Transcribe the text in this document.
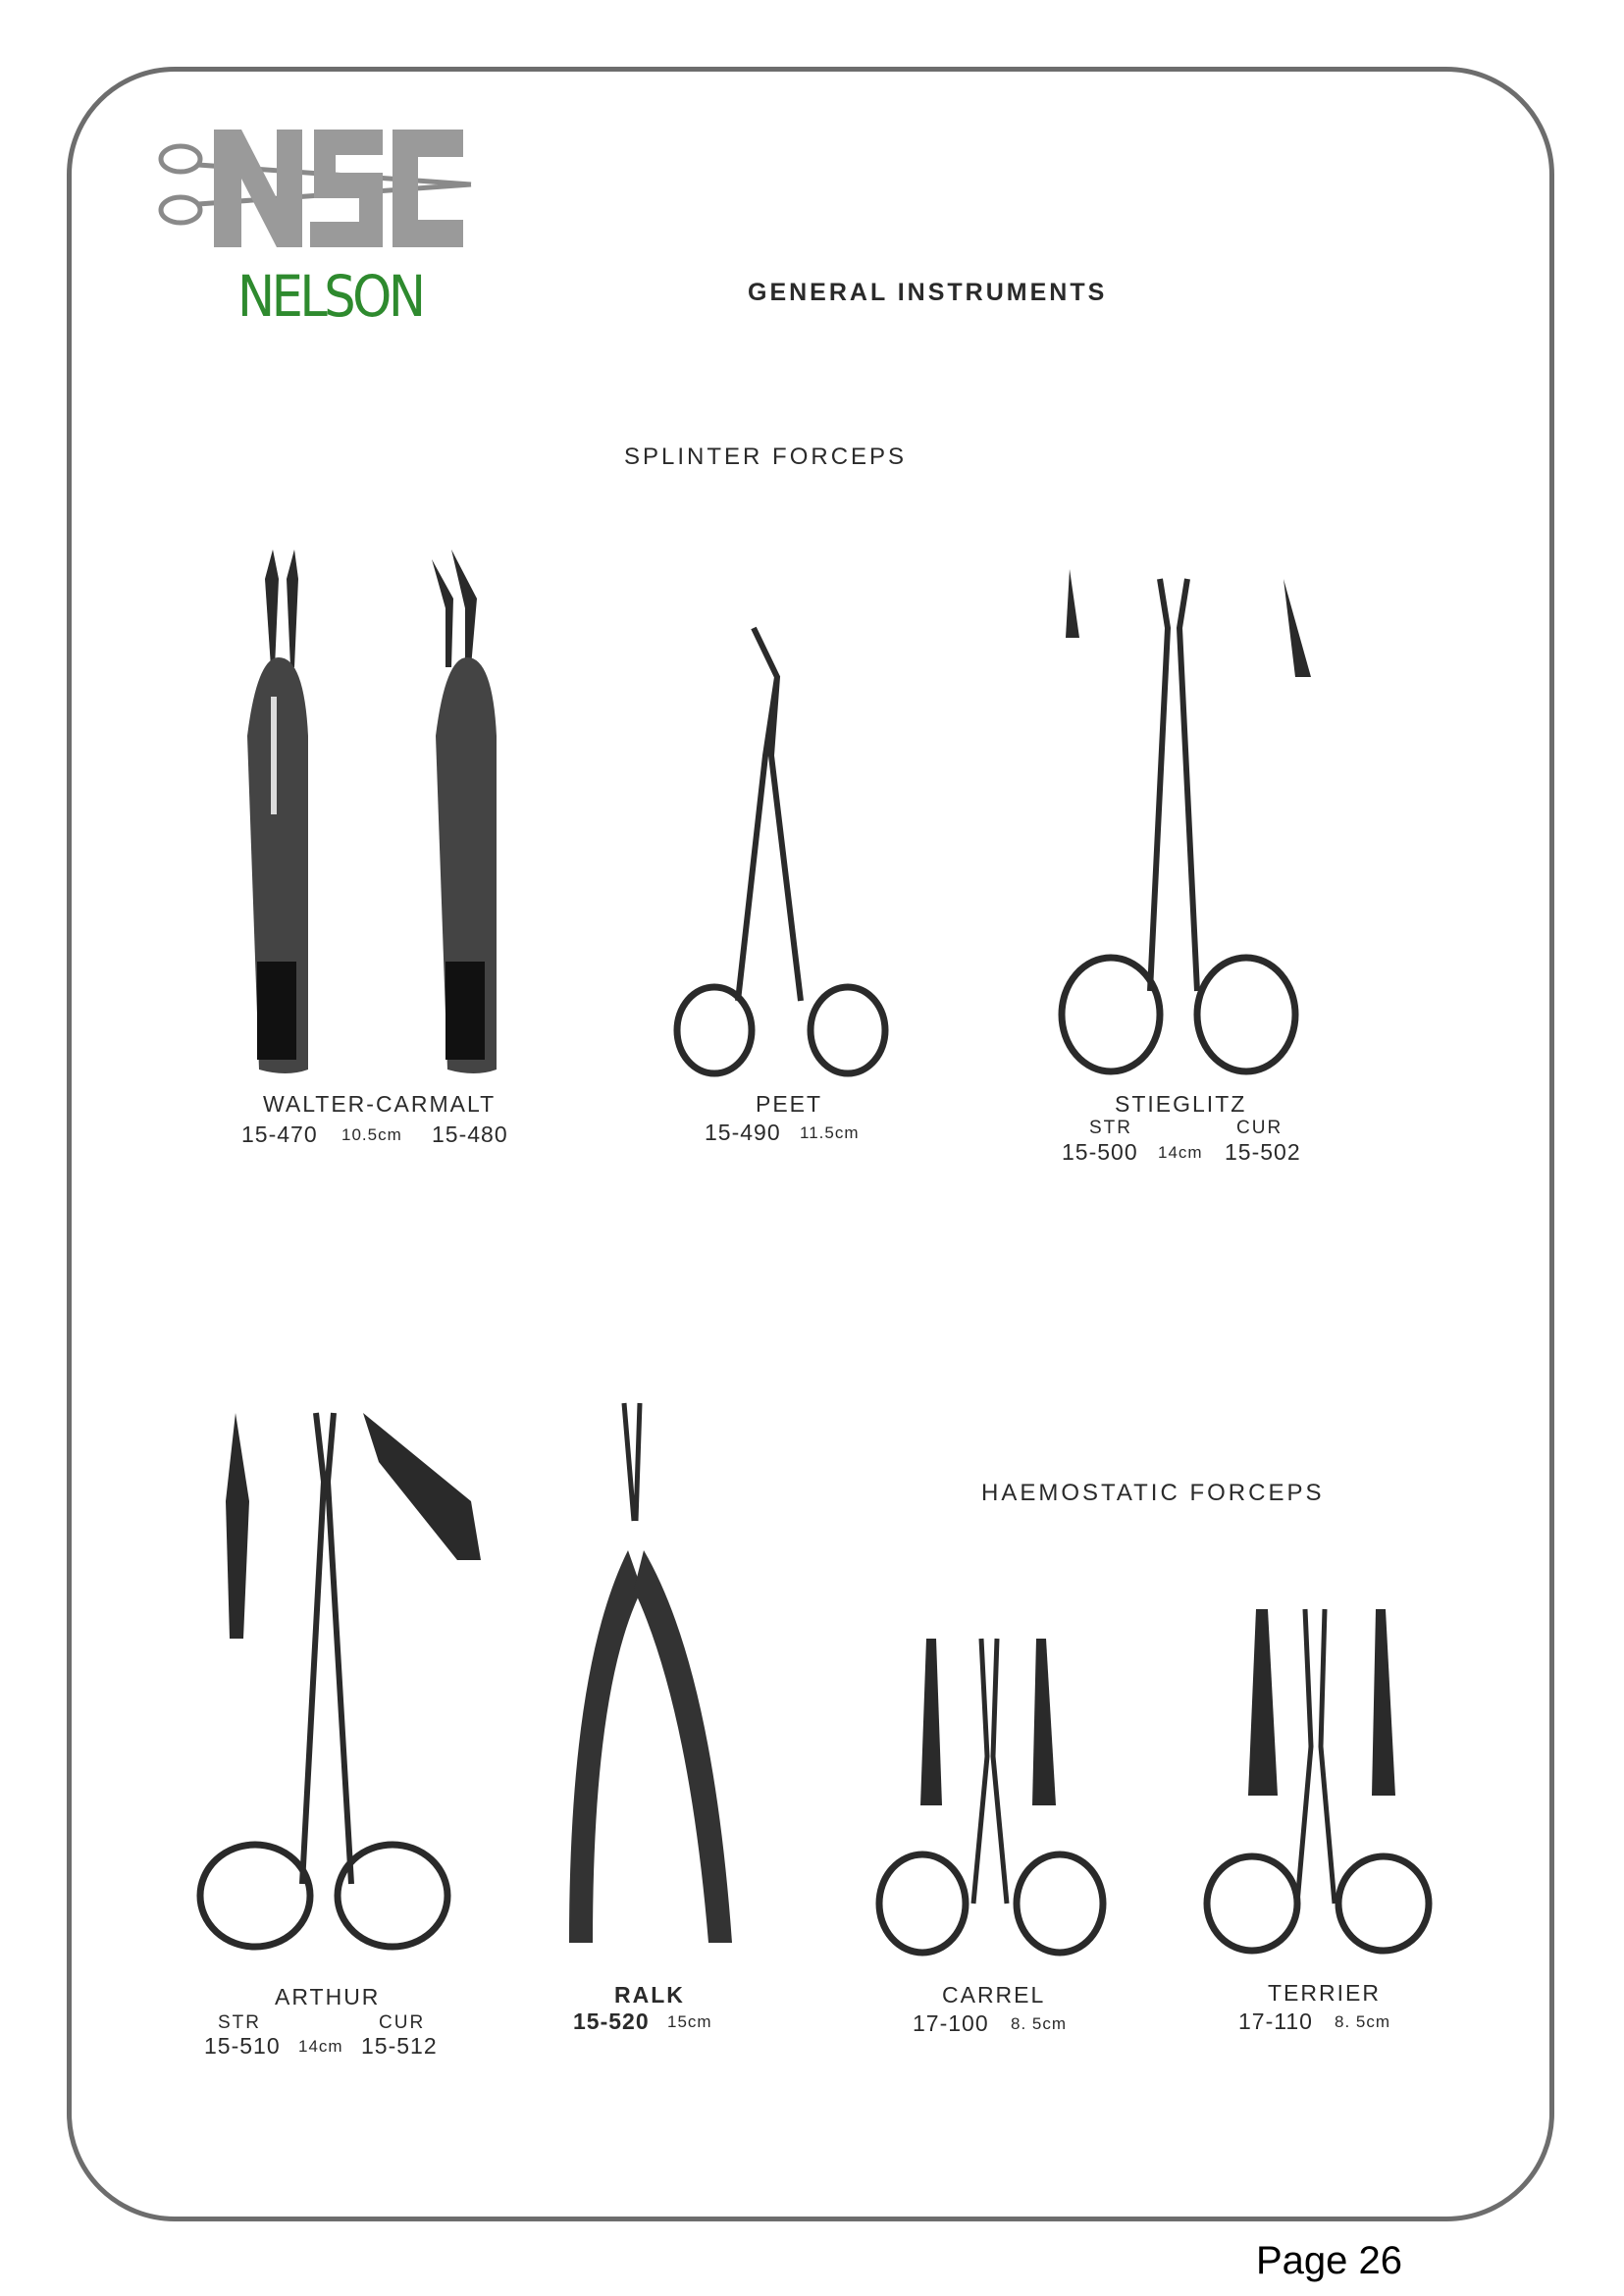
NELSON	GENERAL INSTRUMENTS
SPLINTER FORCEPS
HAEMOSTATIC FORCEPS
WALTER-CARMALT
15-470 10.5cm 15-480
PEET
15-490 11.5cm
STIEGLITZ
STR	CUR
15-500 14cm 15-502
ARTHUR
STR	CUR
15-510 14cm 15-512
RALK
15-520 15cm
CARREL
17-100 8. 5cm
TERRIER
17-110 8. 5cm
Page 26
